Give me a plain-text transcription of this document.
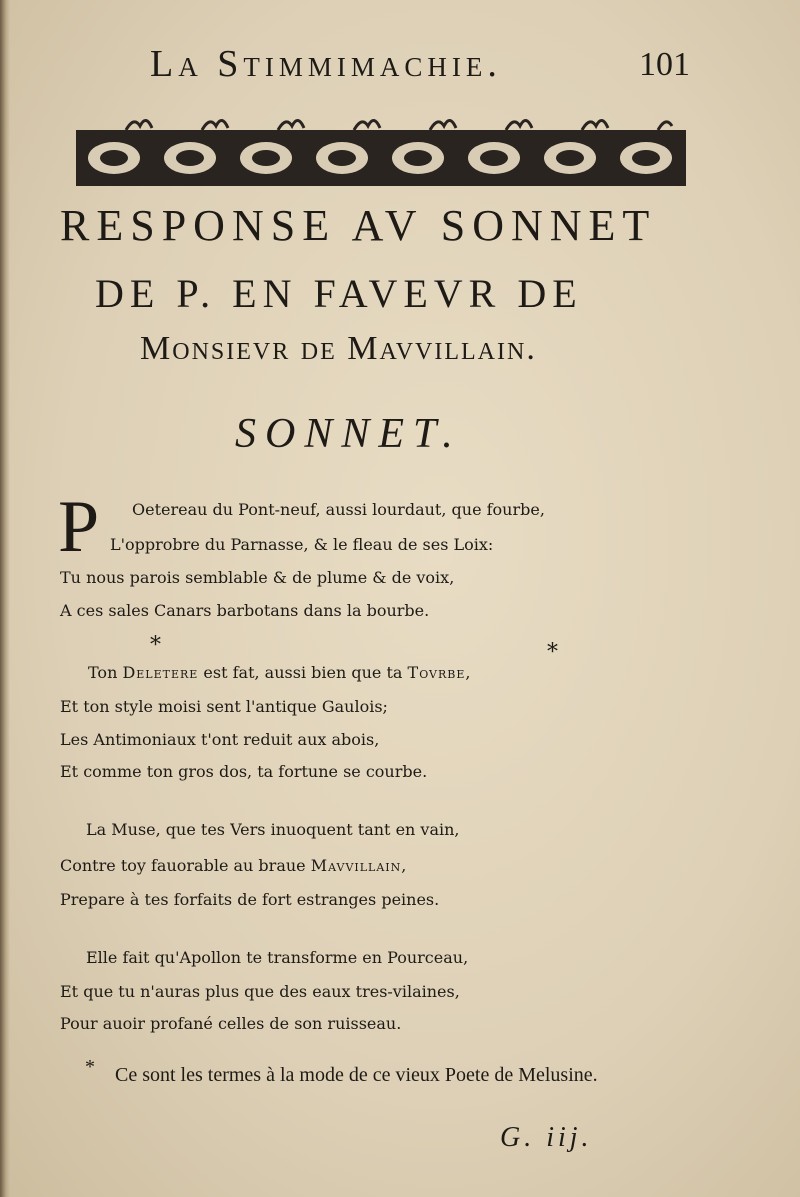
La Stimmimachie.	101
RESPONSE AV SONNET
DE P. EN FAVEVR DE
Monsievr de Mavvillain.
SONNET.
P Oetereau du Pont-neuf, aussi lourdaut, que fourbe,
L'opprobre du Parnasse, & le fleau de ses Loix:
Tu nous parois semblable & de plume & de voix,
A ces sales Canars barbotans dans la bourbe.
*	*
Ton Deletere est fat, aussi bien que ta Tovrbe,
Et ton style moisi sent l'antique Gaulois;
Les Antimoniaux t'ont reduit aux abois,
Et comme ton gros dos, ta fortune se courbe.
La Muse, que tes Vers inuoquent tant en vain,
Contre toy fauorable au braue Mavvillain,
Prepare à tes forfaits de fort estranges peines.
Elle fait qu'Apollon te transforme en Pourceau,
Et que tu n'auras plus que des eaux tres-vilaines,
Pour auoir profané celles de son ruisseau.
*	Ce sont les termes à la mode de ce vieux Poete de Melusine.
G. iij.
